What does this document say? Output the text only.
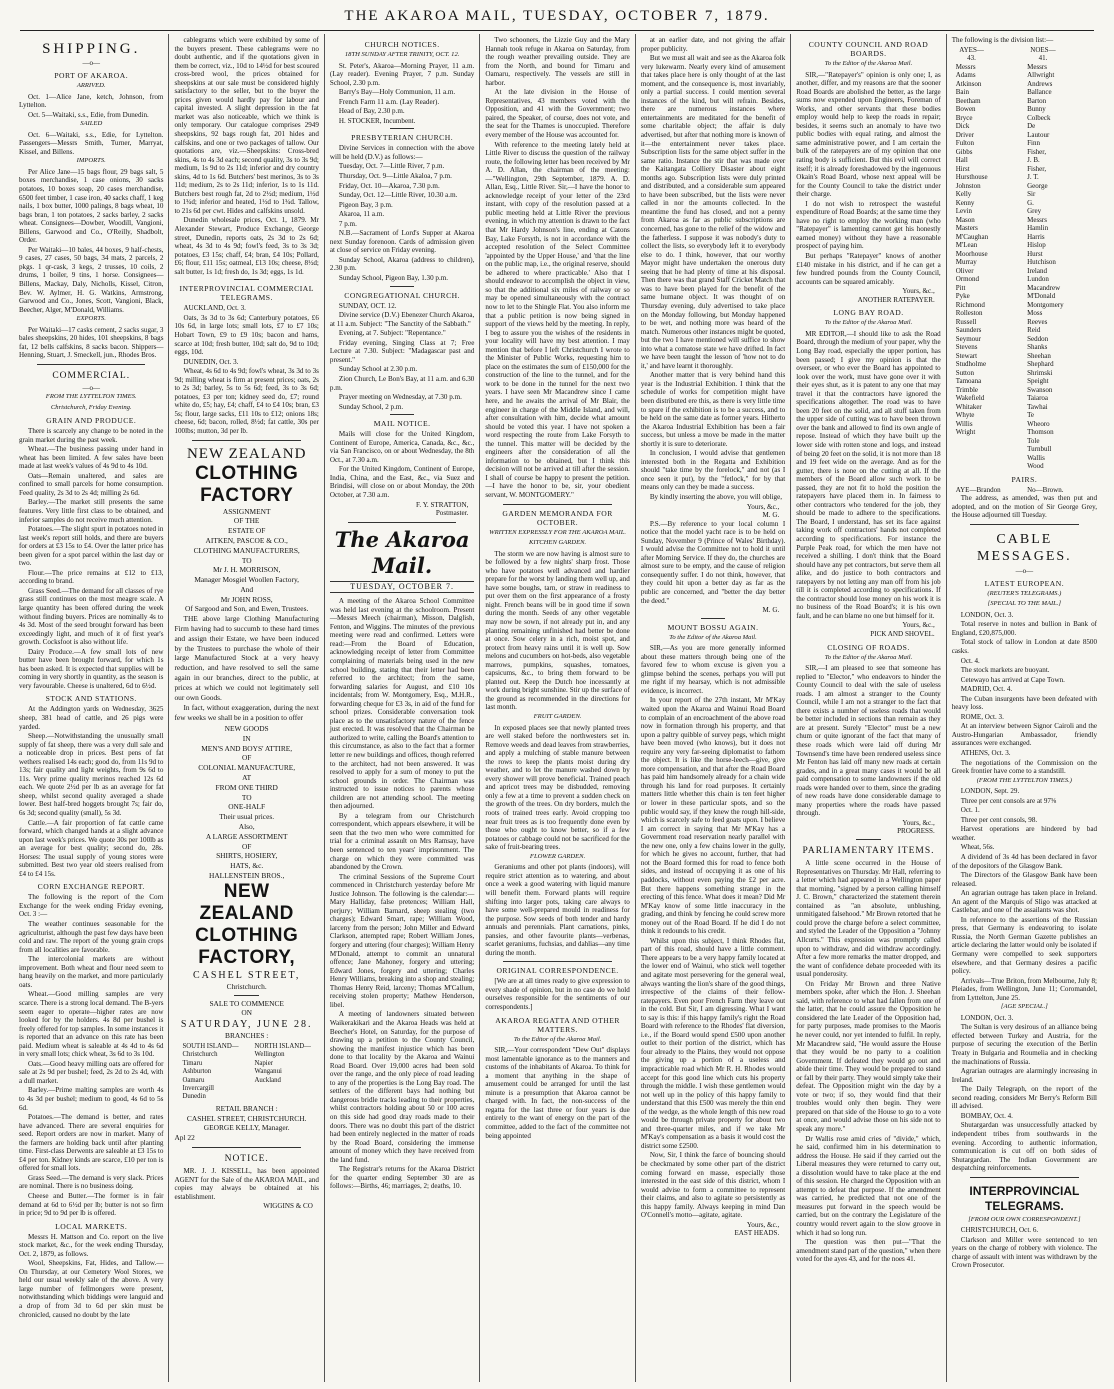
THE AKAROA MAIL, TUESDAY, OCTOBER 7, 1879.
SHIPPING.
—o—
PORT OF AKAROA.
ARRIVED.
Oct. 1—Alice Jane, ketch, Johnson, from Lyttelton.
Oct. 5—Waitaki, s.s., Edie, from Dunedin.
SAILED
Oct. 6—Waitaki, s.s., Edie, for Lyttelton. Passengers—Messrs Smith, Turner, Marryat, Kissel, and Billens.
IMPORTS.
Per Alice Jane—15 bags flour, 29 bags salt, 5 boxes merchandise, 1 case onions, 30 sacks potatoes, 10 boxes soap, 20 cases merchandise, 6500 feet timber, 1 case iron, 40 sacks chaff, 1 keg nails, 1 box butter, 1000 palings, 8 bags wheat, 10 bags bran, 1 ton potatoes, 2 sacks barley, 2 sacks wheat. Consignees—Dowber, Woodill, Vangioni, Billens, Garwood and Co., O'Reilly, Shadbolt, Order.
Per Waitaki—10 bales, 44 boxes, 9 half-chests, 9 cases, 27 cases, 50 bags, 34 mats, 2 parcels, 2 pkgs. 1 qr-cask, 3 kegs, 2 trusses, 10 coils, 2 drums, 1 boiler, 9 tins, 1 horse. Consignees—Billens, Mackay, Daly, Nicholls, Kissel, Citron, Bev. W. Aylmer, H. G. Watkins, Armstrong, Garwood and Co., Jones, Scott, Vangioni, Black, Beecher, Alger, M'Donald, Williams.
EXPORTS.
Per Waitaki—17 casks cement, 2 sacks sugar, 3 bales sheepskins, 20 hides, 101 sheepskins, 8 bags fat, 12 bells calfskins, 8 sacks bacon. Shippers—Henning, Stuart, J. Smeckell, jun., Rhodes Bros.
COMMERCIAL.
—o—
FROM THE LYTTELTON TIMES.
Christchurch, Friday Evening.
GRAIN AND PRODUCE.
There is scarcely any change to be noted in the grain market during the past week.
Wheat.—The business passing under hand in wheat has been limited. A few sales have been made at last week's values of 4s 9d to 4s 10d.
Oats—Remain unaltered, and sales are confined to small parcels for home consumption. Feed quality, 2s 3d to 2s 4d; milling 2s 6d.
Barley.—The market still presents the same features. Very little first class to be obtained, and inferior samples do not receive much attention.
Potatoes.—The slight spurt in potatoes noted in last week's report still holds, and there are buyers for orders at £3 15s to £4. Over the latter price has been given for a spot parcel within the last day or two.
Flour.—The price remains at £12 to £13, according to brand.
Grass Seed.—The demand for all classes of rye grass still continues on the most meagre scale. A large quantity has been offered during the week without finding buyers. Prices are nominally 4s to 4s 3d. Most of the seed brought forward has been exceedingly light, and much of it of first year's growth. Cocksfoot is also without life.
Dairy Produce.—A few small lots of new butter have been brought forward, for which 1s has been asked. It is expected that supplies will be coming in very shortly in quantity, as the season is very favourable. Cheese is unaltered, 6d to 6½d.
STOCK AND STATIONS.
At the Addington yards on Wednesday, 3625 sheep, 381 head of cattle, and 26 pigs were yarded.
Sheep.—Notwithstanding the unusually small supply of fat sheep, there was a very dull sale and a noticeable drop in prices. Best pens of fat wethers realised 14s each; good do, from 11s 9d to 13s; fair quality and light weights, from 9s 6d to 11s. Very prime quality merinos reached 12s 6d each. We quote 2½d per lb as an average for fat sheep, whilst second quality averaged a shade lower. Best half-bred hoggets brought 7s; fair do, 6s 3d; second quality (small), 5s 3d.
Cattle.—A fair proportion of fat cattle came forward, which changed hands at a slight advance upon last week's prices. We quote 30s per 100lb as an average for best quality; second do, 28s. Horses: The usual supply of young stores were submitted. Best two year old steers realised from £4 to £4 15s.
CORN EXCHANGE REPORT.
The following is the report of the Corn Exchange for the week ending Friday evening, Oct. 3 :—
The weather continues seasonable for the agriculturist, although the past few days have been cold and raw. The report of the young grain crops from all localities are favorable.
The intercolonial markets are without improvement. Both wheat and flour need seem to hang heavily on the market, and more particularly oats.
Wheat.—Good milling samples are very scarce. There is a strong local demand. The B-yers seem eager to operate—higher rates are now looked for by the holders. 4s 8d per bushel is freely offered for top samples. In some instances it is reported that an advance on this rate has been paid. Medium wheat is saleable at 4s 4d to 4s 6d in very small lots; chick wheat, 3s 6d to 3s 10d.
Oats.—Good heavy milling oats are offered for sale at 2s 9d per bushel; feed, 2s 2d to 2s 4d, with a dull market.
Barley.—Prime malting samples are worth 4s to 4s 3d per bushel; medium to good, 4s 6d to 5s 6d.
Potatoes.—The demand is better, and rates have advanced. There are several enquiries for seed. Report orders are now in market. Many of the farmers are holding back until after planting time. First-class Derwents are saleable at £3 15s to £4 per ton. Kidney kinds are scarce, £10 per ton is offered for small lots.
Grass Seed.—The demand is very slack. Prices are nominal. There is no business doing.
Cheese and Butter.—The former is in fair demand at 6d to 6½d per lb; butter is not so firm in price; 9d to 9d per lb is offered.
LOCAL MARKETS.
Messrs H. Mattson and Co. report on the live stock market, &c., for the week ending Thursday, Oct. 2, 1879, as follows.
Wool, Sheepskins, Fat, Hides, and Tallow.—On Thursday, at our Cemetery Wool Stores, we held our usual weekly sale of the above. A very large number of fellmongers were present, notwithstanding which biddings were languid and a drop of from 3d to 6d per skin must be chronicled, caused no doubt by the late
cablegrams which were exhibited by some of the buyers present. These cablegrams were no doubt authentic, and if the quotations given in them be correct, viz., 10d to 14½d for best scoured cross-bred wool, the prices obtained for sheepskins at our sale must be considered highly satisfactory to the seller, but to the buyer the prices given would hardly pay for labour and capital invested. A slight depression in the fat market was also noticeable, which we think is only temporary. Our catalogue comprises 2949 sheepskins, 92 bags rough fat, 201 hides and calfskins, and one or two packages of tallow. Our quotations are, viz.—Sheepskins: Cross-bred skins, 4s to 4s 3d each; second quality, 3s to 3s 9d; medium, 1s 9d to 2s 11d; inferior and dry country skins, 4d to 1s 6d. Butchers' best merinos, 3s to 3s 11d; medium, 2s to 2s 11d; inferior, 1s to 1s 11d. Butchers best rough fat, 2d to 2½d; medium, 1½d to 1¾d; inferior and heated, 1½d to 1¾d. Tallow, to 21s 6d per cwt. Hides and calfskins unsold.
Dunedin wholesale prices, Oct. 1, 1879. Mr Alexander Stewart, Produce Exchange, George street, Dunedin, reports oats, 2s 3d to 2s 6d; wheat, 4s 3d to 4s 9d; fowl's feed, 3s to 3s 3d; potatoes, £3 15s; chaff, £4; bran, £4 10s; Pollard, £6; flour, £11 15s; oatmeal, £13 10s; cheese, 8½d; salt butter, 1s 1d; fresh do, 1s 3d; eggs, 1s 1d.
INTERPROVINCIAL COMMERCIAL TELEGRAMS.
AUCKLAND, Oct. 3.
Oats, 3s 3d to 3s 6d; Canterbury potatoes, £6 10s 6d, in large lots; small lots, £7 to £7 10s; Hobart Town, £9 to £9 10s; bacon and hams, scarce at 10d; fresh butter, 10d; salt do, 9d to 10d; eggs, 10d.
DUNEDIN, Oct. 3.
Wheat, 4s 6d to 4s 9d; fowl's wheat, 3s 3d to 3s 9d; milling wheat is firm at present prices; oats, 2s to 2s 3d; barley, 5s to 5s 6d; feed, 3s to 3s 6d; potatoes, £3 per ton; kidney seed do, £7; round white do, £5; hay, £4; chaff, £4 to £4 10s; bran, £3 5s; flour, large sacks, £11 10s to £12; onions 18s; cheese, 6d; bacon, rolled, 8½d; fat cattle, 30s per 100lbs; mutton, 3d per lb.
NEW ZEALAND
CLOTHING FACTORY
ASSIGNMENT
OF THE
ESTATE OF
AITKEN, PASCOE & CO.,
CLOTHING MANUFACTURERS,
TO
Mr J. H. MORRISON,
Manager Mosgiel Woollen Factory,
And
Mr JOHN ROSS,
Of Sargood and Son, and Ewen, Trustees.
THE above large Clothing Manufacturing Firm having had to succumb to these hard times and assign their Estate, we have been induced by the Trustees to purchase the whole of their large Manufactured Stock at a very heavy reduction, and have resolved to sell the same again in our branches, direct to the public, at prices at which we could not legitimately sell our own Goods.
In fact, without exaggeration, during the next few weeks we shall be in a position to offer
NEW GOODS
IN
MEN'S AND BOYS' ATTIRE,
OF
COLONIAL MANUFACTURE,
AT
FROM ONE THIRD
TO
ONE-HALF
Their usual prices.
Also,
A LARGE ASSORTMENT
OF
SHIRTS, HOSIERY,
HATS, &c.
HALLENSTEIN BROS.,
NEW ZEALAND
CLOTHING FACTORY,
CASHEL STREET,
Christchurch.
SALE TO COMMENCE
ON
SATURDAY, JUNE 28.
BRANCHES :
SOUTH ISLAND—
Christchurch
Timaru
Ashburton
Oamaru
Invercargill
Dunedin
NORTH ISLAND—
Wellington
Napier
Wanganui
Auckland
RETAIL BRANCH :
CASHEL STREET, CHRISTCHURCH.
GEORGE KELLY, Manager.
Apl 22
NOTICE.
MR. J. J. KISSELL, has been appointed AGENT for the Sale of the AKAROA MAIL, and copies may always be obtained at his establishment.
WIGGINS & CO
CHURCH NOTICES.
18TH SUNDAY AFTER TRINITY, OCT. 12.
St. Peter's, Akaroa—Morning Prayer, 11 a.m. (Lay reader). Evening Prayer, 7 p.m. Sunday School, 2.30 p.m.
Barry's Bay—Holy Communion, 11 a.m.
French Farm 11 a.m. (Lay Reader).
Head of Bay, 2.30 p.m.
H. STOCKER, Incumbent.
PRESBYTERIAN CHURCH.
Divine Services in connection with the above will be held (D.V.) as follows:—
Tuesday, Oct. 7—Little River, 7 p.m.
Thursday, Oct. 9—Little Akaloa, 7 p.m.
Friday, Oct. 10—Akaroa, 7.30 p.m.
Sunday, Oct. 12—Little River, 10.30 a.m.
Pigeon Bay, 3 p.m.
Akaroa, 11 a.m.
7 p.m.
N.B.—Sacrament of Lord's Supper at Akaroa next Sunday forenoon. Cards of admission given at close of service on Friday evening.
Sunday School, Akaroa (address to children), 2.30 p.m.
Sunday School, Pigeon Bay, 1.30 p.m.
CONGREGATIONAL CHURCH.
SUNDAY, OCT. 12.
Divine service (D.V.) Ebenezer Church Akaroa, at 11 a.m. Subject: "The Sanctity of the Sabbath."
Evening, at 7. Subject: "Repentance."
Friday evening, Singing Class at 7; Free Lecture at 7.30. Subject: "Madagascar past and present."
Sunday School at 2.30 p.m.
Zion Church, Le Bon's Bay, at 11 a.m. and 6.30 p.m.
Prayer meeting on Wednesday, at 7.30 p.m.
Sunday School, 2 p.m.
MAIL NOTICE.
Mails will close for the United Kingdom, Continent of Europe, America, Canada, &c., &c., via San Francisco, on or about Wednesday, the 8th Oct., at 7.30 a.m.
For the United Kingdom, Continent of Europe, India, China, and the East, &c., via Suez and Brindisi, will close on or about Monday, the 20th October, at 7.30 a.m.
F. Y. STRATTON,
Postmaster.
The Akaroa Mail.
TUESDAY, OCTOBER 7.
A meeting of the Akaroa School Committee was held last evening at the schoolroom. Present—Messrs Meech (chairman), Misson, Dalglish, Fenton, and Wiggins. The minutes of the previous meeting were read and confirmed. Letters were read:—From the Board of Education, acknowledging receipt of letter from Committee complaining of materials being used in the new school building, stating that their letter had been referred to the architect; from the same, forwarding salaries for August, and £10 10s incidentals; from W. Montgomery, Esq., M.H.R., forwarding cheque for £3 3s, in aid of the fund for school prizes. Considerable conversation took place as to the unsatisfactory nature of the fence just erected. It was resolved that the Chairman be authorized to write, calling the Board's attention to this circumstance, as also to the fact that a former letter re new buildings and offices, though referred to the architect, had not been answered. It was resolved to apply for a sum of money to put the school grounds in order. The Chairman was instructed to issue notices to parents whose children are not attending school. The meeting then adjourned.
By a telegram from our Christchurch correspondent, which appears elsewhere, it will be seen that the two men who were committed for trial for a criminal assault on Mrs Ramsay, have been sentenced to ten years' imprisonment. The charge on which they were committed was abandoned by the Crown.
The criminal Sessions of the Supreme Court commenced in Christchurch yesterday before Mr Justice Johnson. The following is the calendar:—Mary Halliday, false pretences; William Hall, perjury; William Barnard, sheep stealing (two charges); Edward Smart, rape; William Wood, larceny from the person; John Miller and Edward Clarkson, attempted rape; Robert William Jones, forgery and uttering (four charges); William Henry M'Donald, attempt to commit an unnatural offence; Jane Mahoney, forgery and uttering; Edward Jones, forgery and uttering; Charles Henry Williams, breaking into a shop and stealing; Thomas Henry Reid, larceny; Thomas M'Callum, receiving stolen property; Mathew Henderson, libel.
A meeting of landowners situated between Waikerakikari and the Akaroa Heads was held at Beecher's Hotel, on Saturday, for the purpose of drawing up a petition to the County Council, showing the manifest injustice which has been done to that locality by the Akaroa and Wainui Road Board. Over 19,000 acres had been sold over the range, and the only piece of road leading to any of the properties is the Long Bay road. The settlers of the different bays had nothing but dangerous bridle tracks leading to their properties, whilst contractors holding about 50 or 100 acres on this side had good dray roads made to their doors. There was no doubt this part of the district had been entirely neglected in the matter of roads by the Road Board, considering the immense amount of money which they have received from the land fund.
The Registrar's returns for the Akaroa District for the quarter ending September 30 are as follows:—Births, 46; marriages, 2; deaths, 10.
Two schooners, the Lizzie Guy and the Mary Hannah took refuge in Akaroa on Saturday, from the rough weather prevailing outside. They are from the North, and bound for Timaru and Oamaru, respectively. The vessels are still in harbor.
At the late division in the House of Representatives, 43 members voted with the Opposition, and 41 with the Government; two paired, the Speaker, of course, does not vote, and the seat for the Thames is unoccupied. Therefore every member of the House was accounted for.
With reference to the meeting lately held at Little River to discuss the question of the railway route, the following letter has been received by Mr A. D. Allan, the chairman of the meeting:—"Wellington, 29th September, 1879. A. D. Allan, Esq., Little River. Sir,—I have the honor to acknowledge receipt of your letter of the 23rd instant, with copy of the resolution passed at a public meeting held at Little River the previous evening, in which my attention is drawn to the fact that Mr Hardy Johnson's line, ending at Catons Bay, Lake Forsyth, is not in accordance with the accepted resolution of the Select Committee 'appointed by the Upper House,' and 'that the line on the public map, i.e., the original reserve, should be adhered to where practicable.' Also that I should endeavor to accomplish the object in view, so that the additional six miles of railway or so may be opened simultaneously with the contract now to let to the Shingle Flat. You also inform me that a public petition is now being signed in support of the views held by the meeting. In reply, I beg to assure you the wishes of the residents in your locality will have my best attention. I may mention that before I left Christchurch I wrote to the Minister of Public Works, requesting him to place on the estimates the sum of £150,000 for the construction of the line to the tunnel, and for the work to be done in the tunnel for the next two years. I have seen Mr Macandrew since I came here, and he awaits the arrival of Mr Blair, the engineer in charge of the Middle Island, and will, after consultation with him, decide what amount should be voted this year. I have not spoken a word respecting the route from Lake Forsyth to the tunnel. This matter will be decided by the engineers after the consideration of all the information to be obtained, but I think this decision will not be arrived at till after the session. I shall of course be happy to present the petition.—I have the honor to be, sir, your obedient servant, W. MONTGOMERY."
GARDEN MEMORANDA FOR OCTOBER.
WRITTEN EXPRESSLY FOR THE AKAROA MAIL.
KITCHEN GARDEN.
The storm we are now having is almost sure to be followed by a few nights' sharp frost. Those who have potatoes well advanced and hardier prepare for the worst by landing them well up, and have some boughs, tarn, or straw in readiness to put over them on the first appearance of a frosty night. French beans will be in good time if sown during the month. Seeds of any other vegetable may now be sown, if not already put in, and any planting remaining unfinished had better be done at once. Sow celery in a rich, moist spot, and protect from heavy rains until it is well up. Sow melons and cucumbers on hot-beds, also vegetable marrows, pumpkins, squashes, tomatoes, capsicums, &c., to bring them forward to be planted out. Keep the Dutch hoe incessantly at work during bright sunshine. Stir up the surface of the ground as recommended in the directions for last month.
FRUIT GARDEN.
In exposed places see that newly planted trees are well staked before the northwesters set in. Remove weeds and dead leaves from strawberries, and apply a mulching of stable manure between the rows to keep the plants moist during dry weather, and to let the manure washed down by every shower will prove beneficial. Trained peach and apricot trees may be disbudded, removing only a few at a time to prevent a sudden check on the growth of the trees. On dry borders, mulch the roots of trained trees early. Avoid cropping too near fruit trees as is too frequently done even by those who ought to know better, so if a few potatoes or cabbage could not be sacrificed for the sake of fruit-bearing trees.
FLOWER GARDEN.
Geraniums and other pot plants (indoors), will require strict attention as to watering, and about once a week a good watering with liquid manure will benefit them. Forward plants will require shifting into larger pots, taking care always to have some well-prepared mould in readiness for the purpose. Sow seeds of both tender and hardy annuals and perennials. Plant carnations, pinks, pansies, and other favourite plants—verbenas, scarlet geraniums, fuchsias, and dahlias—any time during the month.
ORIGINAL CORRESPONDENCE.
[We are at all times ready to give expression to every shade of opinion, but in no case do we hold ourselves responsible for the sentiments of our correspondents.]
AKAROA REGATTA AND OTHER MATTERS.
To the Editor of the Akaroa Mail.
SIR,—Your correspondent "Dew Out" displays most lamentable ignorance as to the manners and customs of the inhabitants of Akaroa. To think for a moment that anything in the shape of amusement could be arranged for until the last minute is a presumption that Akaroa cannot be charged with. In fact, the non-success of the regatta for the last three or four years is due entirely to the want of energy on the part of the committee, added to the fact of the committee not being appointed
at an earlier date, and not giving the affair proper publicity.
But we must all wait and see as the Akaroa folk very lukewarm. Nearly every kind of amusement that takes place here is only thought of at the last moment, and the consequence is, most invariably, only a partial success. I could mention several instances of the kind, but will refrain. Besides, there are numerous instances where entertainments are meditated for the benefit of some charitable object; the affair is duly advertised, but after that nothing more is known of it—the entertainment never takes place. Subscription lists for the same object suffer in the same ratio. Instance the stir that was made over the Kaitangata Colliery Disaster about eight months ago. Subscription lists were duly printed and distributed, and a considerable sum appeared to have been subscribed, but the lists were never called in nor the amounts collected. In the meantime the fund has closed, and not a penny from Akaroa as far as public subscriptions are concerned, has gone to the relief of the widow and the fatherless. I suppose it was nobody's duty to collect the lists, so everybody left it to everybody else to do. I think, however, that our worthy Mayor might have undertaken the onerous duty seeing that he had plenty of time at his disposal. Then there was that grand Staff Cricket Match that was to have been played for the benefit of the same humane object. It was thought of on Thursday evening, duly advertised to take place on the Monday following, but Monday happened to be wet, and nothing more was heard of the match. Numerous other instances might be quoted, but the two I have mentioned will suffice to show into what a comatose state we have drifted. In fact we have been taught the lesson of 'how not to do it,' and have learnt it thoroughly.
Another matter that is very behind hand this year is the Industrial Exhibition. I think that the schedule of works for competition might have been distributed ere this, as there is very little time to spare if the exhibition is to be a success, and to be held on the same date as former years. Hitherto the Akaroa Industrial Exhibition has been a fair success, but unless a move be made in the matter shortly it is sure to deteriorate.
In conclusion, I would advise that gentlemen interested both in the Regatta and Exhibition should "take time by the forelock," and not (as I once seen it put), by the "fetlock," for by that means only can they be made a success.
By kindly inserting the above, you will oblige,
Yours, &c.,
M. G.
P.S.—By reference to your local column I notice that the model yacht race is to be held on Sunday, November 9 (Prince of Wales' Birthday). I would advise the Committee not to hold it until after Morning Service. If they do, the churches are almost sure to be empty, and the cause of religion consequently suffer. I do not think, however, that they could hit upon a better day as far as the public are concerned, and "better the day better the deed."
M. G.
MOUNT BOSSU AGAIN.
To the Editor of the Akaroa Mail.
SIR,—As you are more generally informed about these matters through being one of the favored few to whom excuse is given you a glimpse behind the scenes, perhaps you will put me right if my hearsay, which is not admissible evidence, is incorrect.
In your report of the 27th instant, Mr M'Kay waited upon the Akaroa and Wainui Road Board to complain of an encroachment of the above road now in formation through his property, and that upon a paltry quibble of survey pegs, which might have been moved (who knows), but it does not require any very far-seeing diplomatist to fathom the object. It is like the horse-leech—give, give more compensation, and that after the Road Board has paid him handsomely already for a chain wide through his land for road purposes. It certainly matters little whether this chain is ten feet higher or lower in these particular spots, and so the public would say, if they knew the rough hill-side, which is scarcely safe to feed goats upon. I believe I am correct in saying that Mr M'Kay has a Government road reservation nearly parallel with the new one, only a few chains lower in the gully, for which he gives no account, further, that had not the Board formed this for road to fence both sides, and instead of occupying it as one of his paddocks, without even paying the £2 per acre. But there happens something strange in the erecting of this fence. What does it mean? Did Mr M'Kay know of some little inaccuracy in the grading, and think by fencing he could screw more money out of the Road Board. If he did I do not think it redounds to his credit.
Whilst upon this subject, I think Rhodes flat, part of this road, should have a little comment. There appears to be a very happy family located at the lower end of Wainui, who stick well together and agitate most persevering for the general weal, always wanting the lion's share of the good things, irrespective of the claims of their fellow-ratepayers. Even poor French Farm they leave out in the cold. But Sir, I am digressing. What I want to say is this: if this happy family's right the Road Board with reference to the Rhodes' flat diversion, i.e., if the Board would spend £500 upon another outlet to their portion of the district, which has four already to the Plains, they would not oppose the giving up a portion of a useless and impracticable road which Mr R. H. Rhodes would accept for this good line which cuts his property through the middle. I wish these gentlemen would not well up in the policy of this happy family to understand that this £500 was merely the thin end of the wedge, as the whole length of this new road would be through private property for about two and three-quarter miles, and if we take Mr M'Kay's compensation as a basis it would cost the district some £2500.
Now, Sir, I think the farce of bouncing should be checkmated by some other part of the district coming forward en masse, especially those interested in the east side of this district, whom I would advise to form a committee to represent their claims, and also to agitate so persistently as this happy family. Always keeping in mind Dan O'Connell's motto—agitate, agitate.
Yours, &c.,
EAST HEADS.
COUNTY COUNCIL AND ROAD BOARDS.
To the Editor of the Akaroa Mail.
SIR,—"Ratepayer's" opinion is only one; I, as another, differ, and my reasons are that the sooner Road Boards are abolished the better, as the large sums now expended upon Engineers, Foreman of Works, and other servants that these bodies employ would help to keep the roads in repair; besides, it seems such an anomaly to have two public bodies with equal rating, and almost the same administrative power, and I am certain the bulk of the ratepayers are of my opinion that one rating body is sufficient. But this evil will correct itself; it is already foreshadowed by the ingenuous Okain's Road Board, whose next appeal will be for the County Council to take the district under their charge.
I do not wish to retrospect the wasteful expenditure of Road Boards; at the same time they have no right to employ the working man (who "Ratepayer" is lamenting cannot get his honestly earned money) without they have a reasonable prospect of paying him.
But perhaps "Ratepayer" knows of another £140 mistake in his district, and if he can get a few hundred pounds from the County Council, accounts can be squared amicably.
Yours, &c.,
ANOTHER RATEPAYER.
LONG BAY ROAD.
To the Editor of the Akaroa Mail.
MR EDITOR,—I should like to ask the Road Board, through the medium of your paper, why the Long Bay road, especially the upper portion, has been passed; I give my opinion is that the overseer, or who ever the Board has appointed to look over the work, must have gone over it with their eyes shut, as it is patent to any one that may travel it that the contractors have ignored the specifications altogether. The road was to have been 20 feet on the solid, and all stuff taken from the upper side of cutting was to have been thrown over the bank and allowed to find its own angle of repose. Instead of which they have built up the lower side with rotten stone and logs, and instead of being 20 feet on the solid, it is not more than 18 and 19 feet wide on the average. And as for the gutter, there is none on the cutting at all. If the members of the Board allow such work to be passed, they are not fit to hold the position the ratepayers have placed them in. In fairness to other contractors who tendered for the job, they should be made to adhere to the specifications. The Board, I understand, has set its face against taking work off contractors' hands not completed according to specifications. For instance the Purple Peak road, for which the men have not received a shilling. I don't think that the Board should have any pet contractors, but serve them all alike, and do justice to both contractors and ratepayers by not letting any man off from his job till it is completed according to specifications. If the contractor should lose money on his work it is no business of the Road Board's; it is his own fault, and he can blame no one but himself for it.
Yours, &c.,
PICK AND SHOVEL.
CLOSING OF ROADS.
To the Editor of the Akaroa Mail.
SIR,—I am pleased to see that someone has replied to "Elector," who endeavors to hinder the County Council to deal with the sale of useless roads. I am almost a stranger to the County Council, while I am not a stranger to the fact that there exists a number of useless roads that would be better included in sections than remain as they are at present. Surely "Elector" must be a new chum or quite ignorant of the fact that many of these roads which were laid off during Mr Townsend's time have been rendered useless since Mr Fenton has laid off many new roads at certain grades, and in a great many cases it would be all paid compensation to some landowners if the old roads were handed over to them, since the grading of new roads have done considerable damage to many properties where the roads have passed through.
Yours, &c.,
PROGRESS.
PARLIAMENTARY ITEMS.
A little scene occurred in the House of Representatives on Thursday. Mr Hall, referring to a letter which had appeared in a Wellington paper that morning, "signed by a person calling himself J. C. Brown," characterized the statement therein contained as "an absolute, unblushing, unmitigated falsehood." Mr Brown retorted that he could prove the charge before a select committee, and styled the Leader of the Opposition a "Johnny Allcurts." This expression was promptly called upon to withdraw, and did withdraw accordingly. After a few more remarks the matter dropped, and the want of confidence debate proceeded with its usual ponderosity.
On Friday Mr Brown and three Native members spoke, after which the Hon. J. Sheehan said, with reference to what had fallen from one of the latter, that he could assure the Opposition he considered the late Leader of the Opposition had, for party purposes, made promises to the Maoris he never could, nor yet intended to fulfil. In reply, Mr Macandrew said, "He would assure the House that they would be no party to a coalition Government. If defeated they would go out and abide their time. They would be prepared to stand or fall by their party. They would simply take their defeat. The Opposition might win the day by a vote or two; if so, they would find that their troubles would only then begin. They were prepared on that side of the House to go to a vote at once, and would advise those on his side not to speak any more."
Dr Wallis rose amid cries of "divide," which, he said, confirmed him in his determination to address the House. He said if they carried out the Liberal measures they were returned to carry out, a dissolution would have to take place at the end of this session. He charged the Opposition with an attempt to defeat that purpose. If the amendment was carried, he predicted that not one of the measures put forward in the speech would be carried, but on the contrary the Legislature of the country would revert again to the slow groove in which it had so long run.
The question was then put—"That the amendment stand part of the question," when there voted for the ayes 43, and for the noes 41.
The following is the division list:—
AYES—43.
Messrs Adams
Atkinson
Bain
Beetham
Bowen
Bryce
Dick
Driver
Fulton
Gibbs
Hall
Hirst
Hursthouse
Johnston
Kelly
Kenny
Levin
Mason
Masters
M'Caughan
M'Lean
Moorhouse
Murray
Oliver
Ormond
Pitt
Pyke
Richmond
Rolleston
Russell
Saunders
Seymour
Stevens
Stewart
Studholme
Sutton
Tamoana
Trimble
Wakefield
Whitaker
Whyte
Willis
Wright
NOES—41.
Messrs Allwright
Andrews
Ballance
Barton
Bunny
Colbeck
De Lautour
Finn
Fisher, J. B.
Fisher, J. T.
George
Sir G. Grey
Messrs Hamlin
Harris
Hislop
Hurst
Hutchison
Ireland
Lundon
Macandrew
M'Donald
Montgomery
Moss
Reeves
Reid
Seddon
Shanks
Sheehan
Shephard
Shrimski
Speight
Swanson
Taiaroa
Tawhai
Te Wheoro
Thomson
Tole
Turnbull
Wallis
Wood
PAIRS.
AYE—Brandon	No—Brown.
The address, as amended, was then put and adopted, and on the motion of Sir George Grey, the House adjourned till Tuesday.
CABLE MESSAGES.
—o—
LATEST EUROPEAN.
(REUTER'S TELEGRAMS.)
[SPECIAL TO THE MAIL.]
LONDON, Oct. 3.
Total reserve in notes and bullion in Bank of England, £20,875,000.
Total stock of tallow in London at date 8500 casks.
Oct. 4.
The stock markets are buoyant.
Cetewayo has arrived at Cape Town.
MADRID, Oct. 4.
The Cuban insurgents have been defeated with heavy loss.
ROME, Oct. 3.
At an interview between Signor Cairoli and the Austro-Hungarian Ambassador, friendly assurances were exchanged.
ATHENS, Oct. 3.
The negotiations of the Commission on the Greek frontier have come to a standstill.
(FROM THE LYTTELTON TIMES.)
LONDON, Sept. 29.
Three per cent consols are at 97⅝
Oct. 1.
Three per cent consols, 98.
Harvest operations are hindered by bad weather.
Wheat, 56s.
A dividend of 3s 4d has been declared in favor of the depositors of the Glasgow Bank.
The Directors of the Glasgow Bank have been released.
An agrarian outrage has taken place in Ireland. An agent of the Marquis of Sligo was attacked at Castlebar, and one of the assailants was shot.
In reference to the assertions of the Russian press, that Germany is endeavoring to isolate Russia, the North German Gazette publishes an article declaring the latter would only be isolated if Germany were compelled to seek supporters elsewhere, and that Germany desires a pacific policy.
Arrivals—True Briton, from Melbourne, July 8; Pleiades, from Wellington, June 11; Coromandel, from Lyttelton, June 25.
[AGE SPECIAL.]
LONDON, Oct. 3.
The Sultan is very desirous of an alliance being effected between Turkey and Austria, for the purpose of securing the execution of the Berlin Treaty in Bulgaria and Roumelia and in checking the machinations of Russia.
Agrarian outrages are alarmingly increasing in Ireland.
The Daily Telegraph, on the report of the second reading, considers Mr Berry's Reform Bill ill advised.
BOMBAY, Oct. 4.
Shutargardan was unsuccessfully attacked by independent tribes from southwards in the evening. According to authentic information, communication is cut off on both sides of Shutargardan. The Indian Government are despatching reinforcements.
INTERPROVINCIAL TELEGRAMS.
[FROM OUR OWN CORRESPONDENT.]
CHRISTCHURCH, Oct. 6.
Clarkson and Miller were sentenced to ten years on the charge of robbery with violence. The charge of assault with intent was withdrawn by the Crown Prosecutor.
